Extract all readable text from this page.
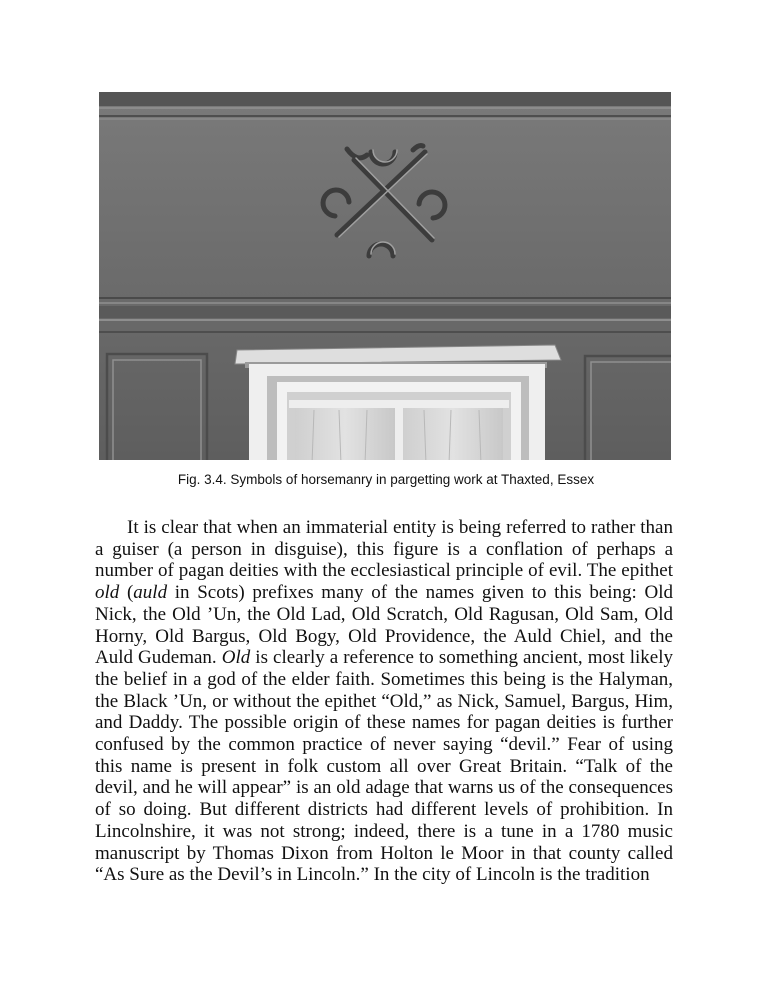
Fig. 3.4. Symbols of horsemanry in pargetting work at Thaxted, Essex

It is clear that when an immaterial entity is being referred to rather than a guiser (a person in disguise), this figure is a conflation of perhaps a number of pagan deities with the ecclesiastical principle of evil. The epithet old (auld in Scots) prefixes many of the names given to this being: Old Nick, the Old ’Un, the Old Lad, Old Scratch, Old Ragusan, Old Sam, Old Horny, Old Bargus, Old Bogy, Old Providence, the Auld Chiel, and the Auld Gudeman. Old is clearly a reference to something ancient, most likely the belief in a god of the elder faith. Sometimes this being is the Halyman, the Black ’Un, or without the epithet “Old,” as Nick, Samuel, Bargus, Him, and Daddy. The possible origin of these names for pagan deities is further confused by the common practice of never saying “devil.” Fear of using this name is present in folk custom all over Great Britain. “Talk of the devil, and he will appear” is an old adage that warns us of the consequences of so doing. But different districts had different levels of prohibition. In Lincolnshire, it was not strong; indeed, there is a tune in a 1780 music manuscript by Thomas Dixon from Holton le Moor in that county called “As Sure as the Devil’s in Lincoln.” In the city of Lincoln is the tradition
